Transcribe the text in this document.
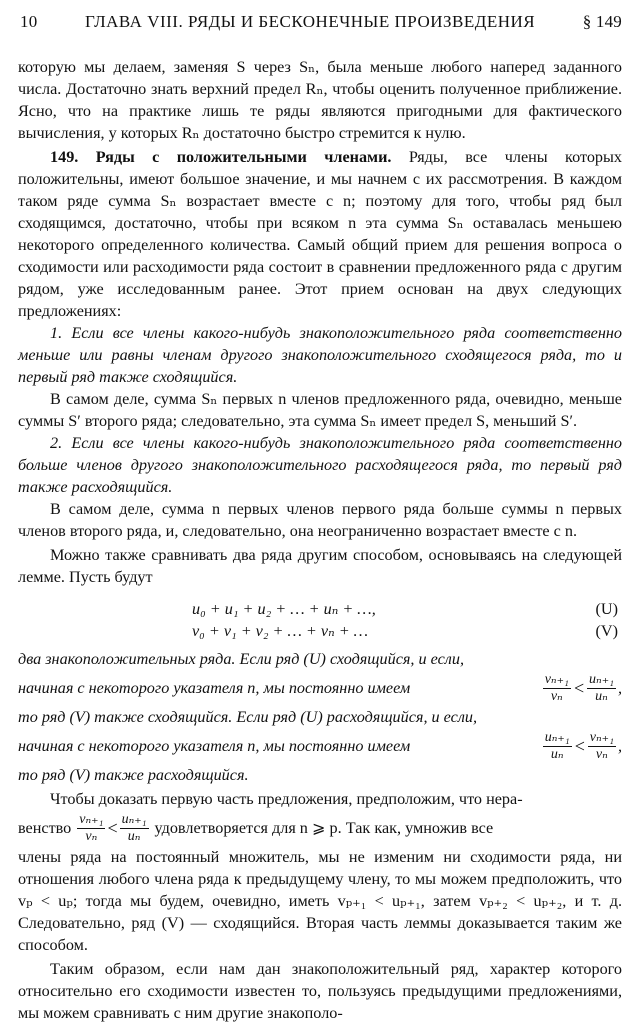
10	ГЛАВА VIII. РЯДЫ И БЕСКОНЕЧНЫЕ ПРОИЗВЕДЕНИЯ	§ 149

которую мы делаем, заменяя S через Sₙ, была меньше любого наперед заданного числа. Достаточно знать верхний предел Rₙ, чтобы оценить полученное приближение. Ясно, что на практике лишь те ряды являются пригодными для фактического вычисления, у которых Rₙ достаточно быстро стремится к нулю.

149. Ряды с положительными членами. Ряды, все члены которых положительны, имеют большое значение, и мы начнем с их рассмотрения. В каждом таком ряде сумма Sₙ возрастает вместе с n; поэтому для того, чтобы ряд был сходящимся, достаточно, чтобы при всяком n эта сумма Sₙ оставалась меньшею некоторого определенного количества. Самый общий прием для решения вопроса о сходимости или расходимости ряда состоит в сравнении предложенного ряда с другим рядом, уже исследованным ранее. Этот прием основан на двух следующих предложениях:

1. Если все члены какого-нибудь знакоположительного ряда соответственно меньше или равны членам другого знакоположительного сходящегося ряда, то и первый ряд также сходящийся.

В самом деле, сумма Sₙ первых n членов предложенного ряда, очевидно, меньше суммы S′ второго ряда; следовательно, эта сумма Sₙ имеет предел S, меньший S′.

2. Если все члены какого-нибудь знакоположительного ряда соответственно больше членов другого знакоположительного расходящегося ряда, то первый ряд также расходящийся.

В самом деле, сумма n первых членов первого ряда больше суммы n первых членов второго ряда, и, следовательно, она неограниченно возрастает вместе с n.

Можно также сравнивать два ряда другим способом, основываясь на следующей лемме. Пусть будут

u₀ + u₁ + u₂ + … + uₙ + …,	(U)
v₀ + v₁ + v₂ + … + vₙ + …	(V)

два знакоположительных ряда. Если ряд (U) сходящийся, и если,

начиная с некоторого указателя n, мы постоянно имеем	$\frac{\text{vₙ₊₁}}{\text{vₙ}} < \frac{\text{uₙ₊₁}}{\text{uₙ}}$ ,

то ряд (V) также сходящийся. Если ряд (U) расходящийся, и если,

начиная с некоторого указателя n, мы постоянно имеем	$\frac{\text{uₙ₊₁}}{\text{uₙ}} < \frac{\text{vₙ₊₁}}{\text{vₙ}}$ ,

то ряд (V) также расходящийся.

Чтобы доказать первую часть предложения, предположим, что нера-

венство $\frac{\text{vₙ₊₁}}{\text{vₙ}} < \frac{\text{uₙ₊₁}}{\text{uₙ}}$ удовлетворяется для n ⩾ p. Так как, умножив все

члены ряда на постоянный множитель, мы не изменим ни сходимости ряда, ни отношения любого члена ряда к предыдущему члену, то мы можем предположить, что vₚ < uₚ; тогда мы будем, очевидно, иметь vₚ₊₁ < uₚ₊₁, затем vₚ₊₂ < uₚ₊₂, и т. д. Следовательно, ряд (V) — сходящийся. Вторая часть леммы доказывается таким же способом.

Таким образом, если нам дан знакоположительный ряд, характер которого относительно его сходимости известен то, пользуясь предыдущими предложениями, мы можем сравнивать с ним другие знакополо-
